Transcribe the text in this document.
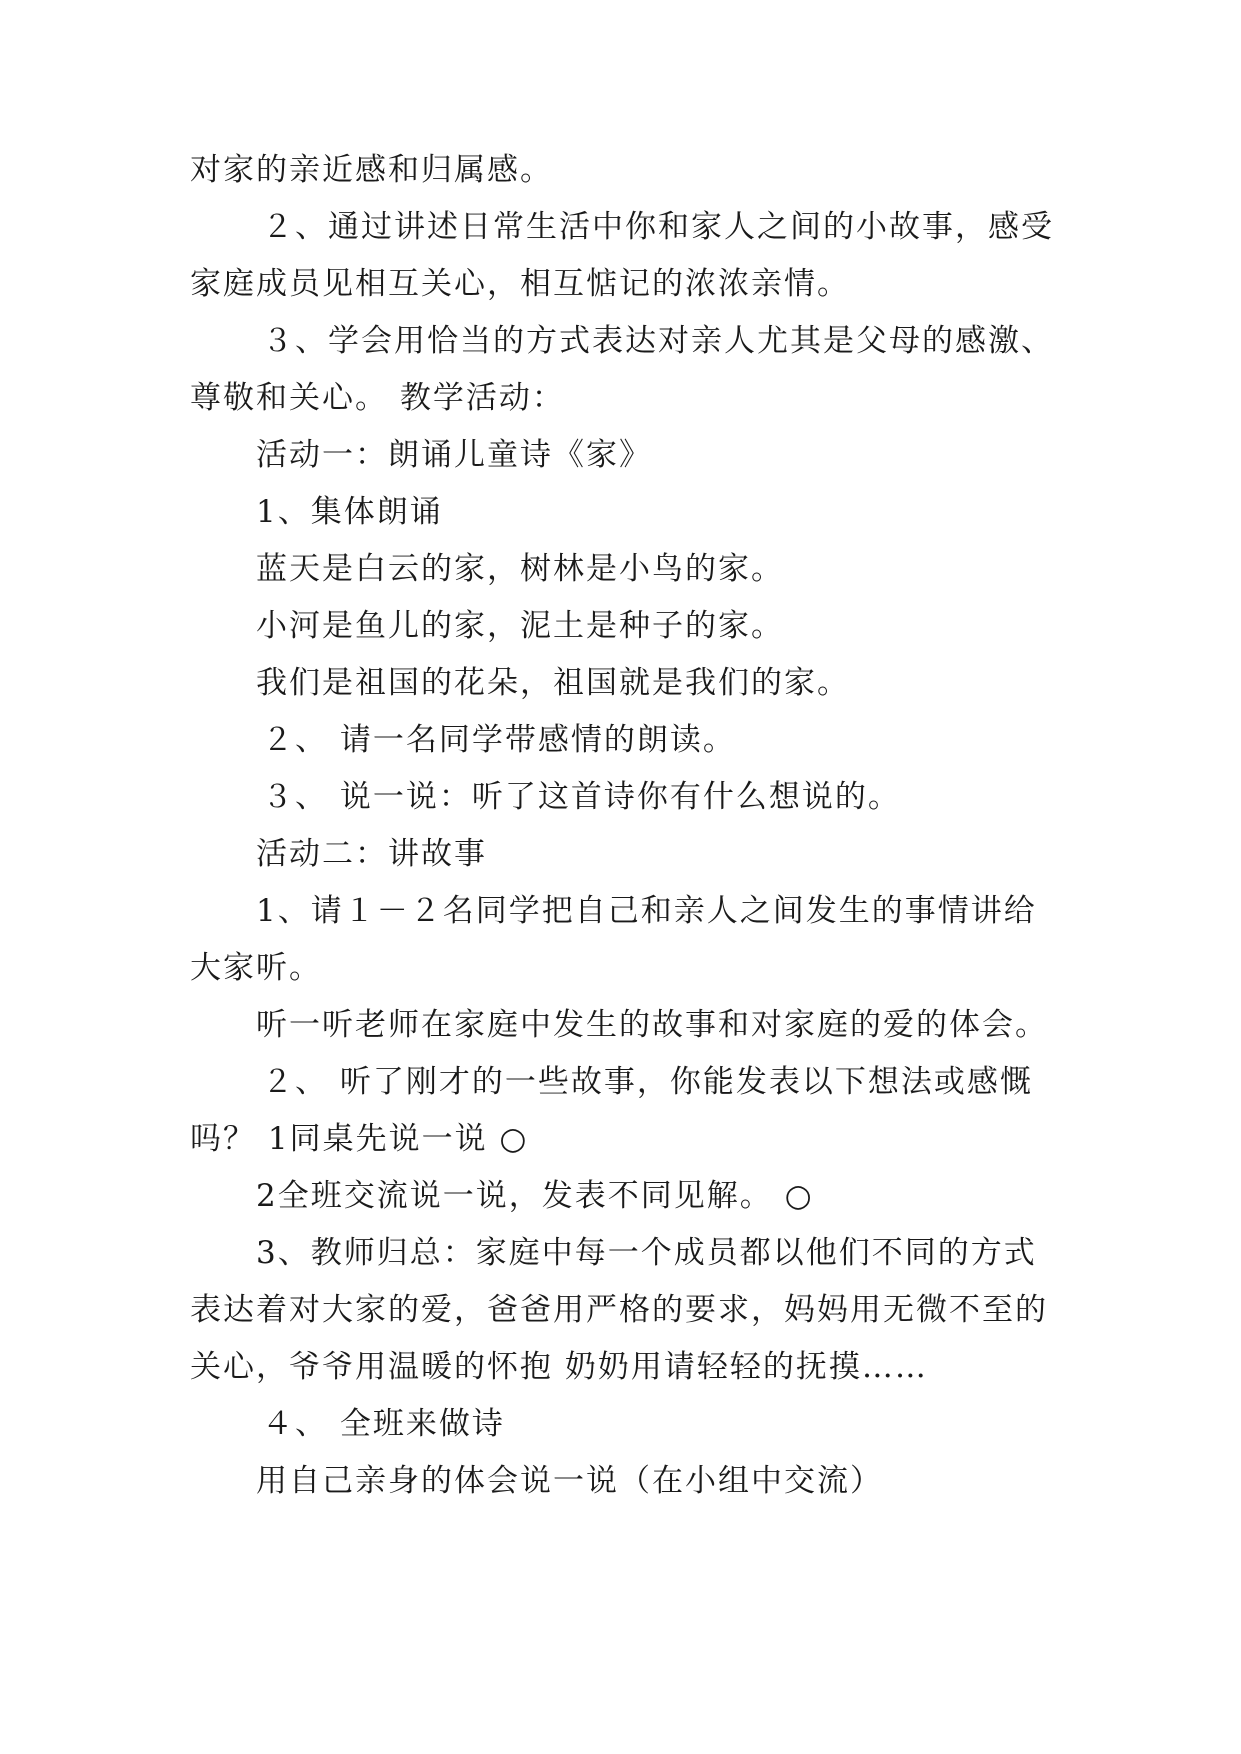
对家的亲近感和归属感。
２、通过讲述日常生活中你和家人之间的小故事，感受
家庭成员见相互关心，相互惦记的浓浓亲情。
３、学会用恰当的方式表达对亲人尤其是父母的感激、
尊敬和关心。 教学活动：
活动一：朗诵儿童诗《家》
1、集体朗诵
蓝天是白云的家，树林是小鸟的家。
小河是鱼儿的家，泥土是种子的家。
我们是祖国的花朵，祖国就是我们的家。
２、 请一名同学带感情的朗读。
３、 说一说：听了这首诗你有什么想说的。
活动二：讲故事
1、请１－２名同学把自己和亲人之间发生的事情讲给
大家听。
听一听老师在家庭中发生的故事和对家庭的爱的体会。
２、 听了刚才的一些故事，你能发表以下想法或感慨
吗？ 1同桌先说一说 ○
2全班交流说一说，发表不同见解。 ○
3、教师归总：家庭中每一个成员都以他们不同的方式
表达着对大家的爱，爸爸用严格的要求，妈妈用无微不至的
关心，爷爷用温暖的怀抱 奶奶用请轻轻的抚摸……
４、 全班来做诗
用自己亲身的体会说一说（在小组中交流）
